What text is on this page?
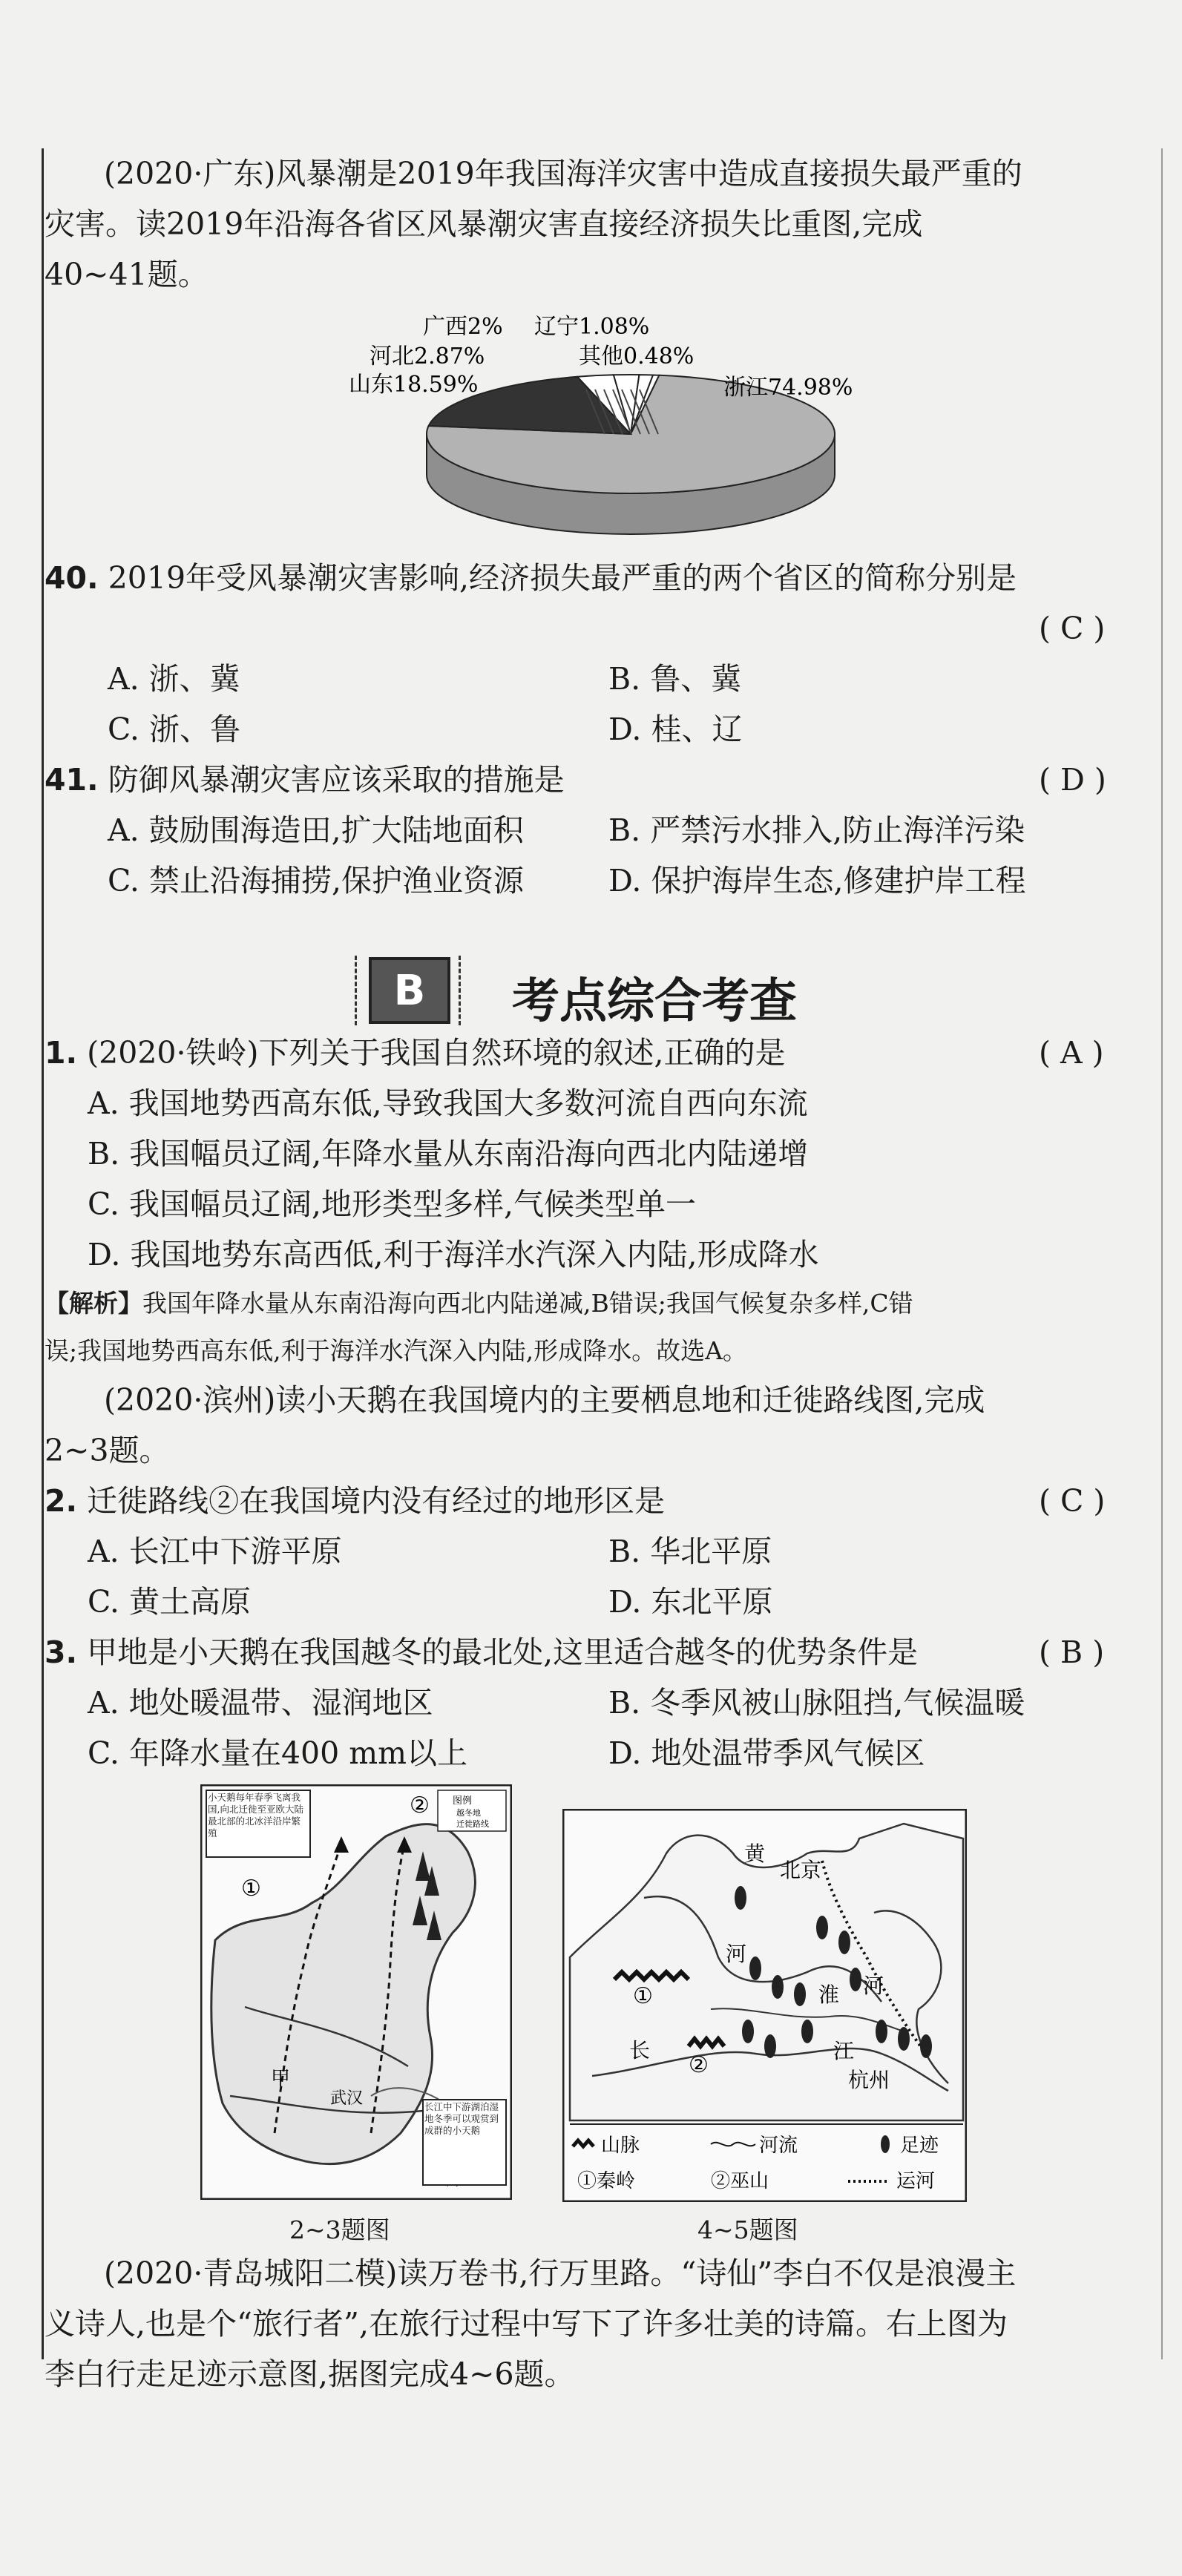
(2020·广东)风暴潮是2019年我国海洋灾害中造成直接损失最严重的
灾害。读2019年沿海各省区风暴潮灾害直接经济损失比重图,完成
40~41题。
浙江74.98%
山东18.59%
河北2.87%
广西2% 辽宁1.08%
其他0.48%
40. 2019年受风暴潮灾害影响,经济损失最严重的两个省区的简称分别是
( C )
A. 浙、冀	B. 鲁、冀
C. 浙、鲁	D. 桂、辽
41. 防御风暴潮灾害应该采取的措施是	( D )
A. 鼓励围海造田,扩大陆地面积	B. 严禁污水排入,防止海洋污染
C. 禁止沿海捕捞,保护渔业资源	D. 保护海岸生态,修建护岸工程
B 考点综合考查
1. (2020·铁岭)下列关于我国自然环境的叙述,正确的是	( A )
A. 我国地势西高东低,导致我国大多数河流自西向东流
B. 我国幅员辽阔,年降水量从东南沿海向西北内陆递增
C. 我国幅员辽阔,地形类型多样,气候类型单一
D. 我国地势东高西低,利于海洋水汽深入内陆,形成降水
【解析】我国年降水量从东南沿海向西北内陆递减,B错误;我国气候复杂多样,C错
误;我国地势西高东低,利于海洋水汽深入内陆,形成降水。故选A。
(2020·滨州)读小天鹅在我国境内的主要栖息地和迁徙路线图,完成
2~3题。
2. 迁徙路线②在我国境内没有经过的地形区是	( C )
A. 长江中下游平原	B. 华北平原
C. 黄土高原	D. 东北平原
3. 甲地是小天鹅在我国越冬的最北处,这里适合越冬的优势条件是	( B )
A. 地处暖温带、湿润地区	B. 冬季风被山脉阻挡,气候温暖
C. 年降水量在400 mm以上	D. 地处温带季风气候区
小天鹅每年春季飞离我国,向北迁徙至亚欧大陆最北部的北冰洋沿岸繁殖
图例
越冬地
迁徙路线
②
①
甲
武汉	长江中下游湖泊湿地冬季可以观赏到成群的小天鹅
2~3题图
黄
北京
河
河
淮
①
长
②
江
杭州
山脉	河流	足迹
①秦岭	②巫山	运河
4~5题图
(2020·青岛城阳二模)读万卷书,行万里路。“诗仙”李白不仅是浪漫主
义诗人,也是个“旅行者”,在旅行过程中写下了许多壮美的诗篇。右上图为
李白行走足迹示意图,据图完成4~6题。
